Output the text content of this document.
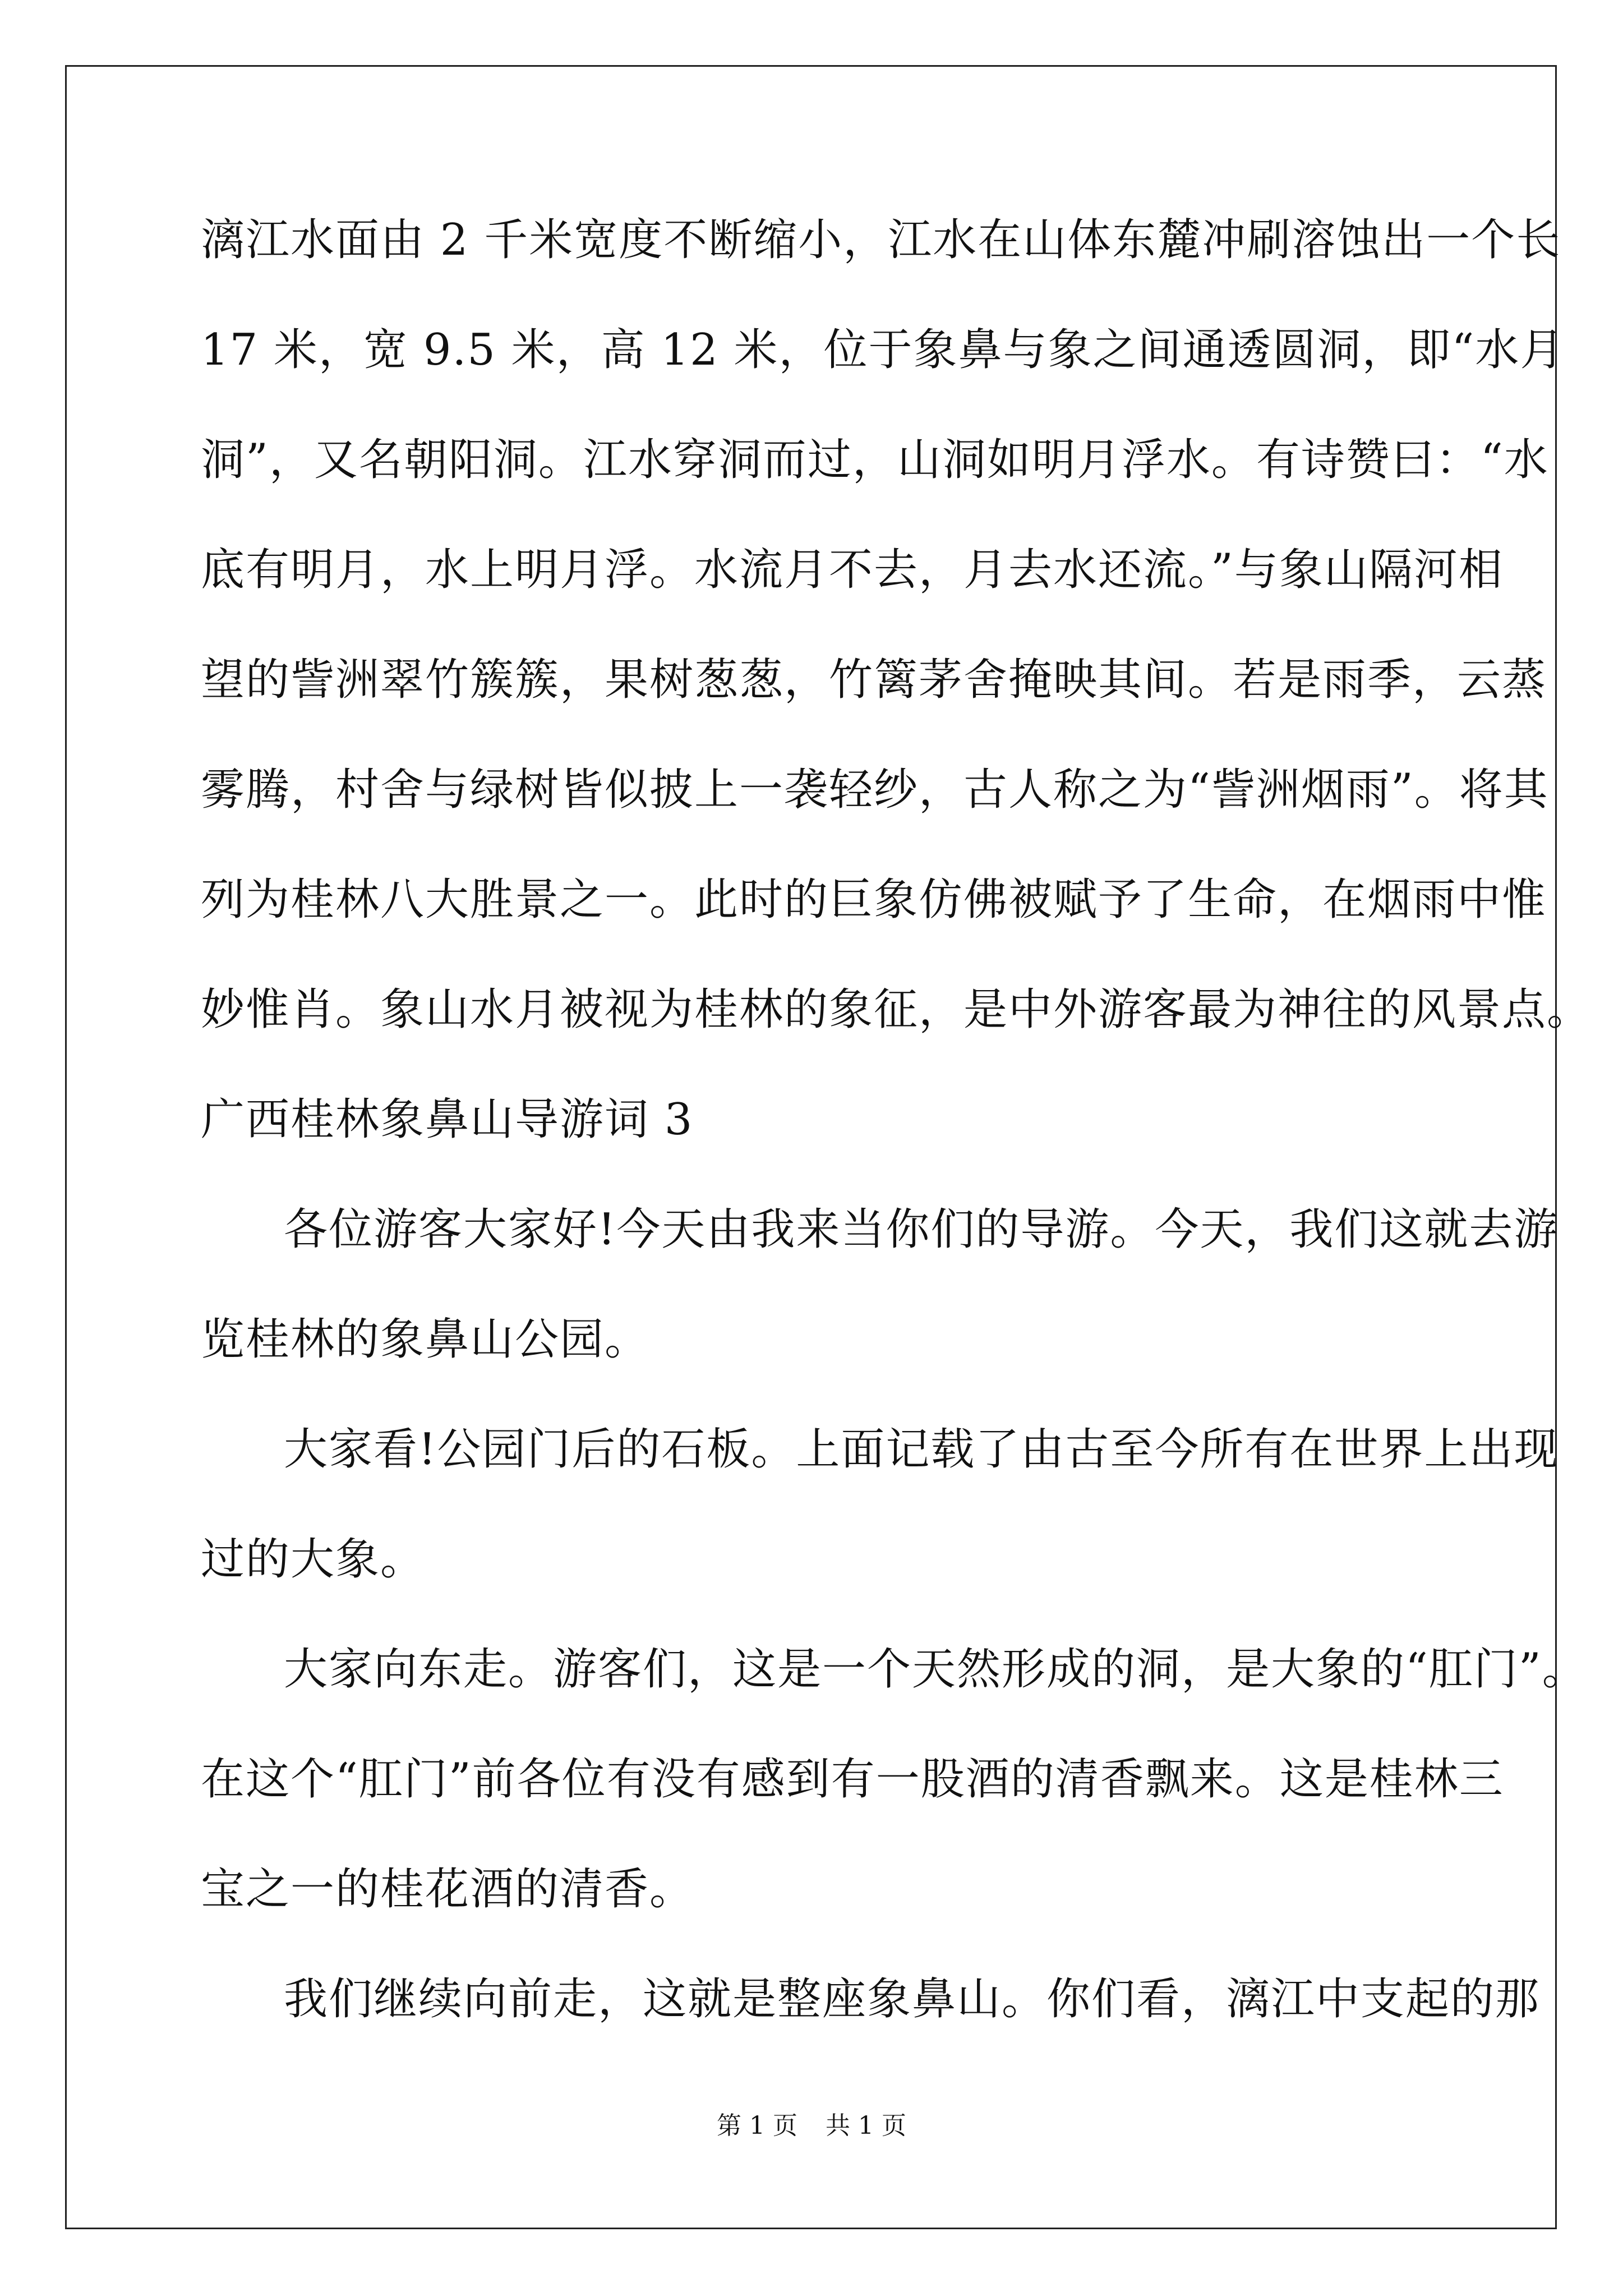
漓江水面由 2 千米宽度不断缩小，江水在山体东麓冲刷溶蚀出一个长
17 米，宽 9.5 米，高 12 米，位于象鼻与象之间通透圆洞，即“水月
洞”，又名朝阳洞。江水穿洞而过，山洞如明月浮水。有诗赞曰：“水
底有明月，水上明月浮。水流月不去，月去水还流。”与象山隔河相
望的訾洲翠竹簇簇，果树葱葱，竹篱茅舍掩映其间。若是雨季，云蒸
雾腾，村舍与绿树皆似披上一袭轻纱，古人称之为“訾洲烟雨”。将其
列为桂林八大胜景之一。此时的巨象仿佛被赋予了生命，在烟雨中惟
妙惟肖。象山水月被视为桂林的象征，是中外游客最为神往的风景点。
广西桂林象鼻山导游词 3
各位游客大家好!今天由我来当你们的导游。今天，我们这就去游
览桂林的象鼻山公园。
大家看!公园门后的石板。上面记载了由古至今所有在世界上出现
过的大象。
大家向东走。游客们，这是一个天然形成的洞，是大象的“肛门”。
在这个“肛门”前各位有没有感到有一股酒的清香飘来。这是桂林三
宝之一的桂花酒的清香。
我们继续向前走，这就是整座象鼻山。你们看，漓江中支起的那
第 1 页 共 1 页
